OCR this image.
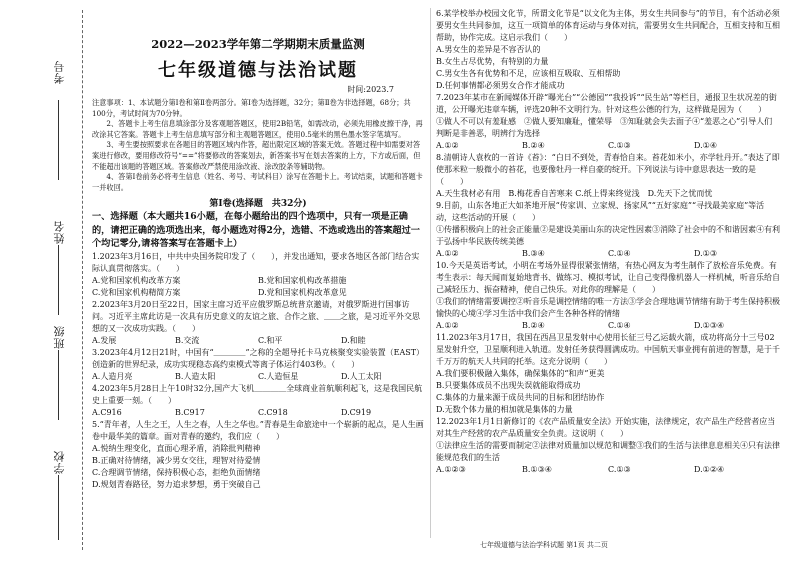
考号
姓名
班级
学校
2022—2023学年第二学期期末质量监测
七年级道德与法治试题
时间:2023.7

注意事项：1、本试题分第Ⅰ卷和第Ⅱ卷两部分。第Ⅰ卷为选择题，32分；第Ⅱ卷为非选择题，68分；共100分，考试时间为70分钟。

2、答题卡上考生信息填涂部分及客观题答题区，使用2B铅笔，如需改动，必须先用橡皮擦干净，再改涂其它答案。答题卡上考生信息填写部分和主观题答题区，使用0.5毫米的黑色墨水签字笔填写。

3、考生要按照要求在各题目的答题区域内作答，超出限定区域的答案无效。答题过程中如需要对答案进行修改，要用修改符号“==”将要修改的答案划去，新答案书写在划去答案的上方，下方或后面，但不能超出该题的答题区域。答案修改严禁使用涂改液、涂改胶条等辅助物。

4、答第Ⅰ卷前务必将考生信息（姓名、考号、考试科目）涂写在答题卡上。考试结束，试题和答题卡一并收回。

第Ⅰ卷(选择题　共32分)

一、选择题（本大题共16小题，在每小题给出的四个选项中，只有一项是正确的，请把正确的选项选出来，每小题选对得2分，选错、不选或选出的答案超过一个均记零分,请将答案写在答题卡上）

1.2023年3月16日，中共中央国务院印发了（　　），并发出通知，要求各地区各部门结合实际认真贯彻落实。（　　）

A.党和国家机构改革方案	B.党和国家机构改革措施
C.党和国家机构精简方案	D.党和国家机构改革意见

2.2023年3月20日至22日，国家主席习近平应俄罗斯总统普京邀请，对俄罗斯进行国事访问。习近平主席此访是一次具有历史意义的友谊之旅、合作之旅、＿＿之旅，是习近平外交思想的又一次成功实践。（　　）

A.发展	B.交流	C.和平	D.和睦

3.2023年4月12日21时，中国有“＿＿＿＿”之称的全超导托卡马克核聚变实验装置（EAST）创造新的世界纪录，成功实现稳态高约束模式等离子体运行403秒。（　　）

A.人造月亮	B.人造太阳	C.人造恒星	D.人工太阳

4.2023年5月28日上午10时32分,国产大飞机＿＿＿＿全球商业首航顺利起飞，这是我国民航史上重要一刻。（　　）

A.C916	B.C917	C.C918	D.C919

5.“青年者，人生之王，人生之春，人生之华也。”青春是生命旅途中一个崭新的起点，是人生画卷中最华美的篇章。面对青春的邀约，我们应（　　）

A.悦纳生理变化，直面心理矛盾，消除批判精神

B.正确对待情绪，减少男女交往，理智对待爱情

C.合理调节情绪，保持积极心态，拒绝负面情绪

D.规划青春路径，努力追求梦想，勇于突破自己

6.某学校举办校园文化节，所谓文化节是“以文化为主体，男女生共同参与”的节目，有个活动必须要男女生共同参加，这互一项简单的体育运动与身体对抗，需要男女生共同配合，互相支持和互相帮助，协作完成。这启示我们（　　）

A.男女生的差异是不容否认的

B.女生占尽优势，有特别的力量

C.男女生各有优势和不足，应该相互吸取、互相帮助

D.任何事情都必须男女合作才能成功

7.2023年某市在新闻媒体开辟“曝光台”“公德园”“我投诉”“民生站”等栏目，通报卫生状况差的街道，公开曝光违章车辆，评选20种不文明行为。针对这些公德的行为，这样做是因为（　　）

①做人不可以有羞耻感　②做人要知廉耻，懂荣辱　③知耻就会失去面子④“羞恶之心”引导人们判断是非善恶，明辨行为选择

A.①②	B.②④	C.①③	D.①④

8.清朝诗人袁枚的一首诗《苔》：“白日不到处，青春恰自来。苔花如米小，亦学牡丹开。”表达了即使那米粒一般微小的苔花，也要像牡丹一样自豪的绽开。下列说法与诗中意思表达一致的是（　　）

A.天生我材必有用　B.梅花香自苦寒来 C.纸上得来终觉浅　D.先天下之忧而忧

9.目前，山东各地正大如茶地开展“传家训、立家规、扬家风”“五好家庭”“寻找最美家庭”等活动，这些活动的开展（　　）

①传播积极向上的社会正能量②是建设美丽山东的决定性因素③消除了社会中的不和谐因素④有利于弘扬中华民族传统美德

A.①②	B.③④	C.①④	D.①③

10.今天是英语考试，小明在考场外显得很紧张情绪，有热心网友为考生制作了放松音乐免费。有考生表示：每天闻而复始地背书、做练习、模拟考试，让自己变得像机器人一样机械，听音乐给自己减轻压力、振奋精神，使自己快乐。对此你的理解是（　　）

①我们的情绪需要调控②听音乐是调控情绪的唯一方法③学会合理地调节情绪有助于考生保持积极愉快的心境④学习生活中我们会产生各种各样的情绪

A.①②	B.②④	C.①④	D.①③④

11.2023年3月17日，我国在西昌卫星发射中心使用长征三号乙运载火箭，成功将高分十三号02星发射升空，卫星顺利进入轨道。发射任务获得圆满成功。中国航天事业拥有前进的智慧，是于千千万万的航天人共同的托举。这充分说明（　　）

A.我们要积极融入集体，确保集体的“和声”更美

B.只要集体成员不出现失误就能取得成功

C.集体的力量来源于成员共同的目标和团结协作

D.无数个体力量的相加就是集体的力量

12.2023年1月1日新修订的《农产品质量安全法》开始实施，法律规定，农产品生产经营者应当对其生产经营的农产品质量安全负责。这说明（　　）

①法律应生活的需要而制定②法律对质量加以规范和调整③我们的生活与法律息息相关④只有法律能规范我们的生活

A.①②③	B.①③④	C.①③	D.①②④
七年级道德与法治学科试题 第1页 共二页
